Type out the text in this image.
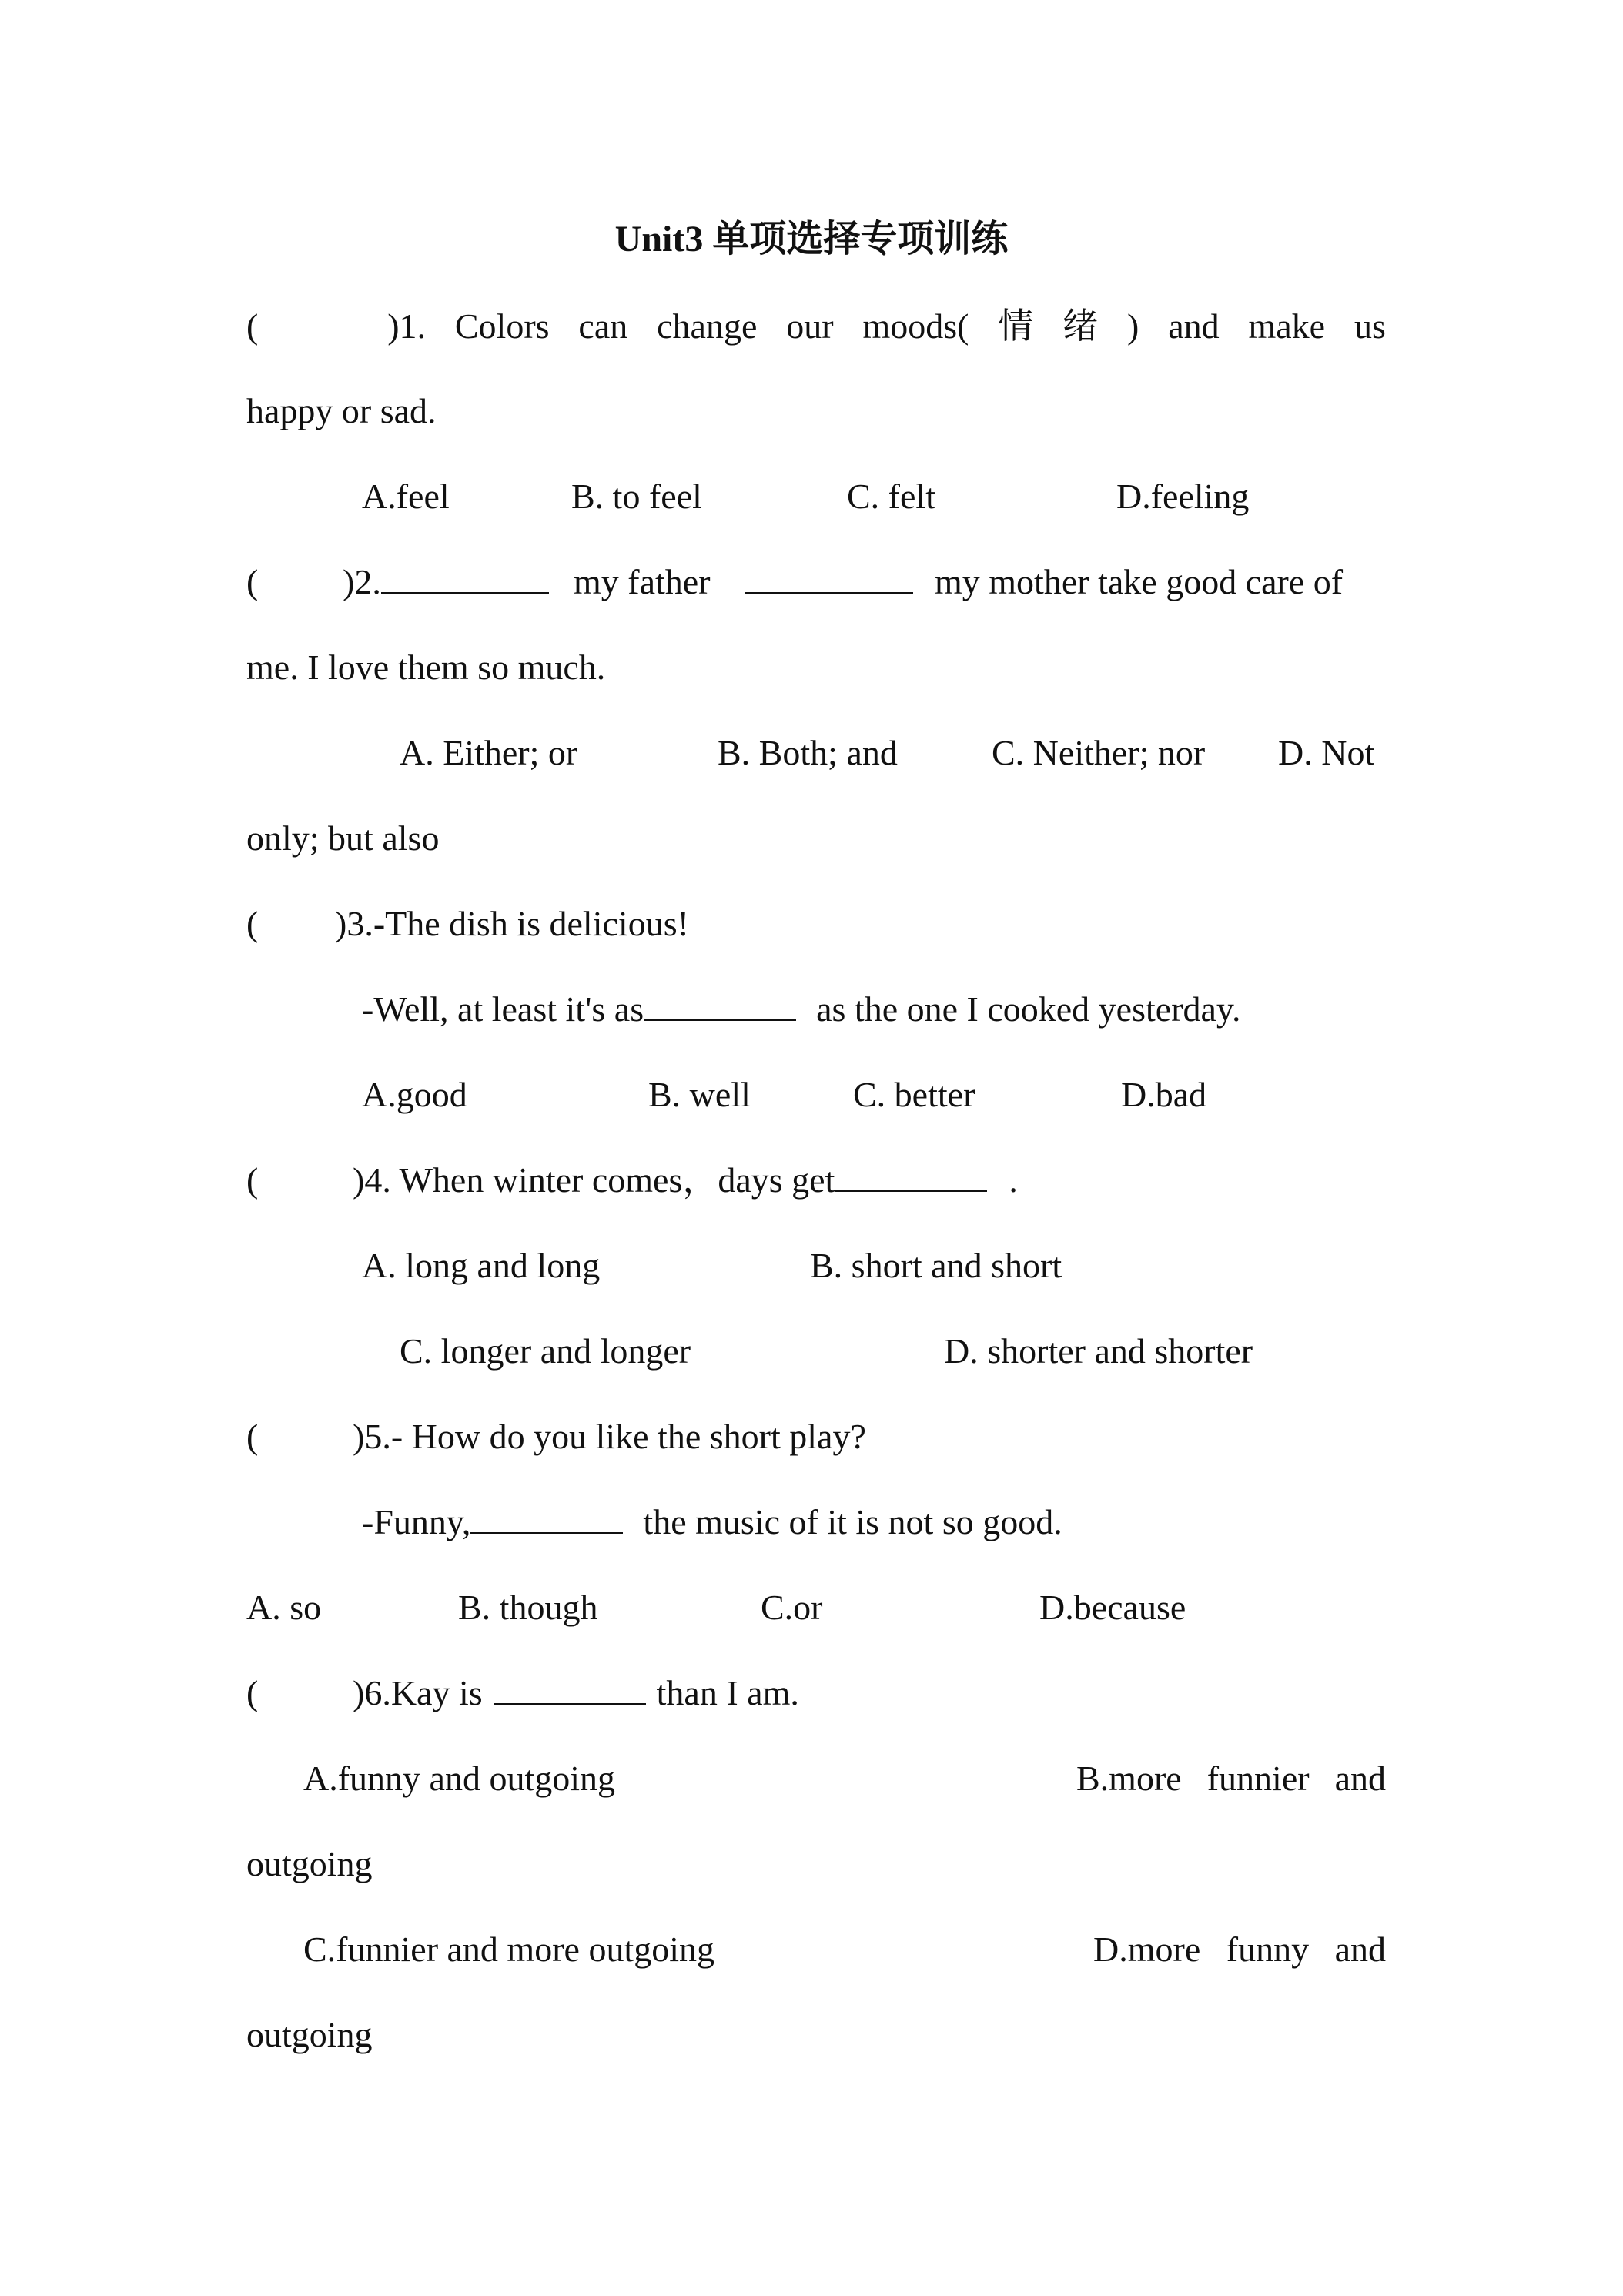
Unit3 单项选择专项训练
(	)1. Colors can change our moods( 情 绪 ) and make us
happy or sad.
A.feel	B. to feel	C. felt	D.feeling
( )2.	my father	my mother take good care of
me. I love them so much.
A. Either; or	B. Both; and	C. Neither; nor D. Not
only; but also
( )3.-The dish is delicious!
-Well, at least it's as	as the one I cooked yesterday.
A.good	B. well	C. better	D.bad
(	)4. When winter comes，days get	.
A. long and long	B. short and short
C. longer and longer	D. shorter and shorter
(	)5.- How do you like the short play?
-Funny,	the music of it is not so good.
A. so	B. though	C.or	D.because
(	)6.Kay is	than I am.
A.funny and outgoing	B.more funnier and
outgoing
C.funnier and more outgoing	D.more funny and
outgoing
